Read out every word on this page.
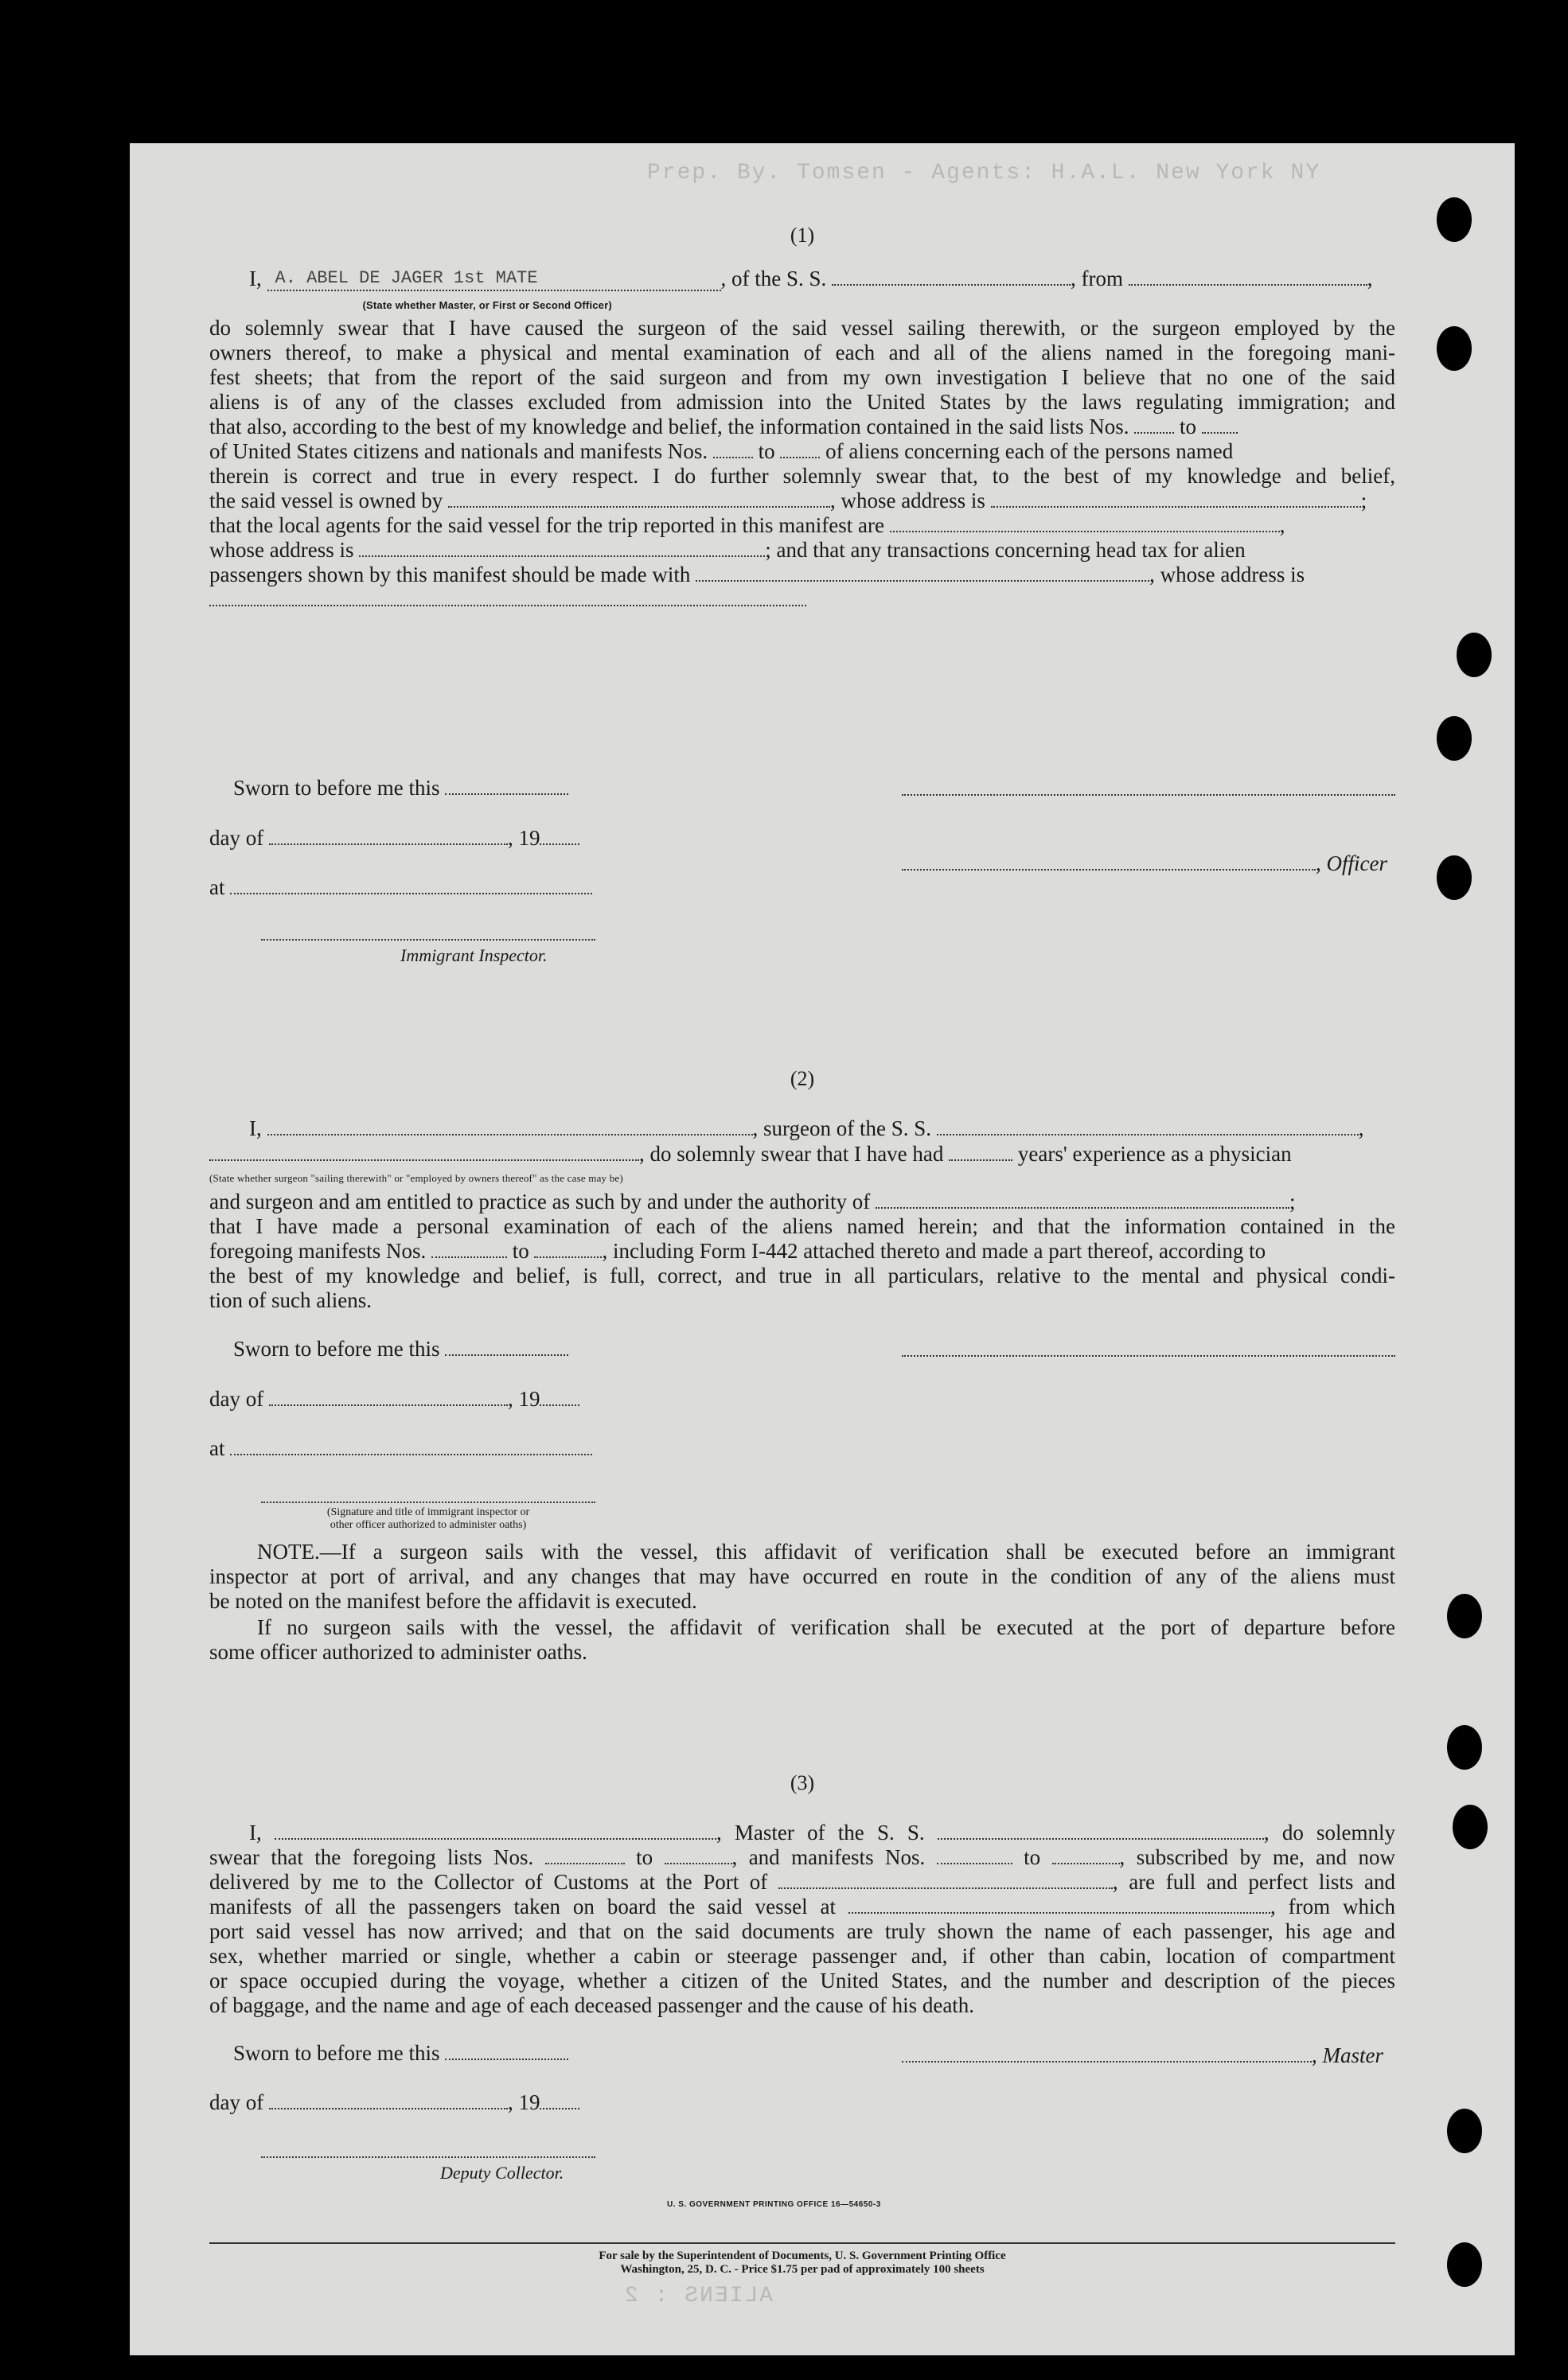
Prep. By. Tomsen - Agents: H.A.L. New York NY
ALIENS : 2
(1)
I, A. ABEL DE JAGER 1st MATE
(State whether Master, or First or Second Officer)
, of the S. S.	, from	,
do solemnly swear that I have caused the surgeon of the said vessel sailing therewith, or the surgeon employed by the
owners thereof, to make a physical and mental examination of each and all of the aliens named in the foregoing mani-
fest sheets; that from the report of the said surgeon and from my own investigation I believe that no one of the said
aliens is of any of the classes excluded from admission into the United States by the laws regulating immigration; and
that also, according to the best of my knowledge and belief, the information contained in the said lists Nos. to
of United States citizens and nationals and manifests Nos. to of aliens concerning each of the persons named
therein is correct and true in every respect. I do further solemnly swear that, to the best of my knowledge and belief,
the said vessel is owned by	, whose address is	;
that the local agents for the said vessel for the trip reported in this manifest are	,
whose address is	; and that any transactions concerning head tax for alien
passengers shown by this manifest should be made with	, whose address is
Sworn to before me this
day of	, 19
, Officer
at
Immigrant Inspector.
(2)
I,	, surgeon of the S. S.	,
, do solemnly swear that I have had	years' experience as a physician
(State whether surgeon "sailing therewith" or "employed by owners thereof" as the case may be)
and surgeon and am entitled to practice as such by and under the authority of	;
that I have made a personal examination of each of the aliens named herein; and that the information contained in the
foregoing manifests Nos.	to	, including Form I-442 attached thereto and made a part thereof, according to
the best of my knowledge and belief, is full, correct, and true in all particulars, relative to the mental and physical condi-
tion of such aliens.
Sworn to before me this
day of	, 19
at
(Signature and title of immigrant inspector or
other officer authorized to administer oaths)
NOTE.—If a surgeon sails with the vessel, this affidavit of verification shall be executed before an immigrant
inspector at port of arrival, and any changes that may have occurred en route in the condition of any of the aliens must
be noted on the manifest before the affidavit is executed.
If no surgeon sails with the vessel, the affidavit of verification shall be executed at the port of departure before
some officer authorized to administer oaths.
(3)
I,	, Master of the S. S.	, do solemnly
swear that the foregoing lists Nos.	to	, and manifests Nos.	to	, subscribed by me, and now
delivered by me to the Collector of Customs at the Port of	, are full and perfect lists and
manifests of all the passengers taken on board the said vessel at	, from which
port said vessel has now arrived; and that on the said documents are truly shown the name of each passenger, his age and
sex, whether married or single, whether a cabin or steerage passenger and, if other than cabin, location of compartment
or space occupied during the voyage, whether a citizen of the United States, and the number and description of the pieces
of baggage, and the name and age of each deceased passenger and the cause of his death.
Sworn to before me this	, Master
day of	, 19
Deputy Collector.
U. S. GOVERNMENT PRINTING OFFICE 16—54650-3
For sale by the Superintendent of Documents, U. S. Government Printing Office
Washington, 25, D. C. - Price $1.75 per pad of approximately 100 sheets
